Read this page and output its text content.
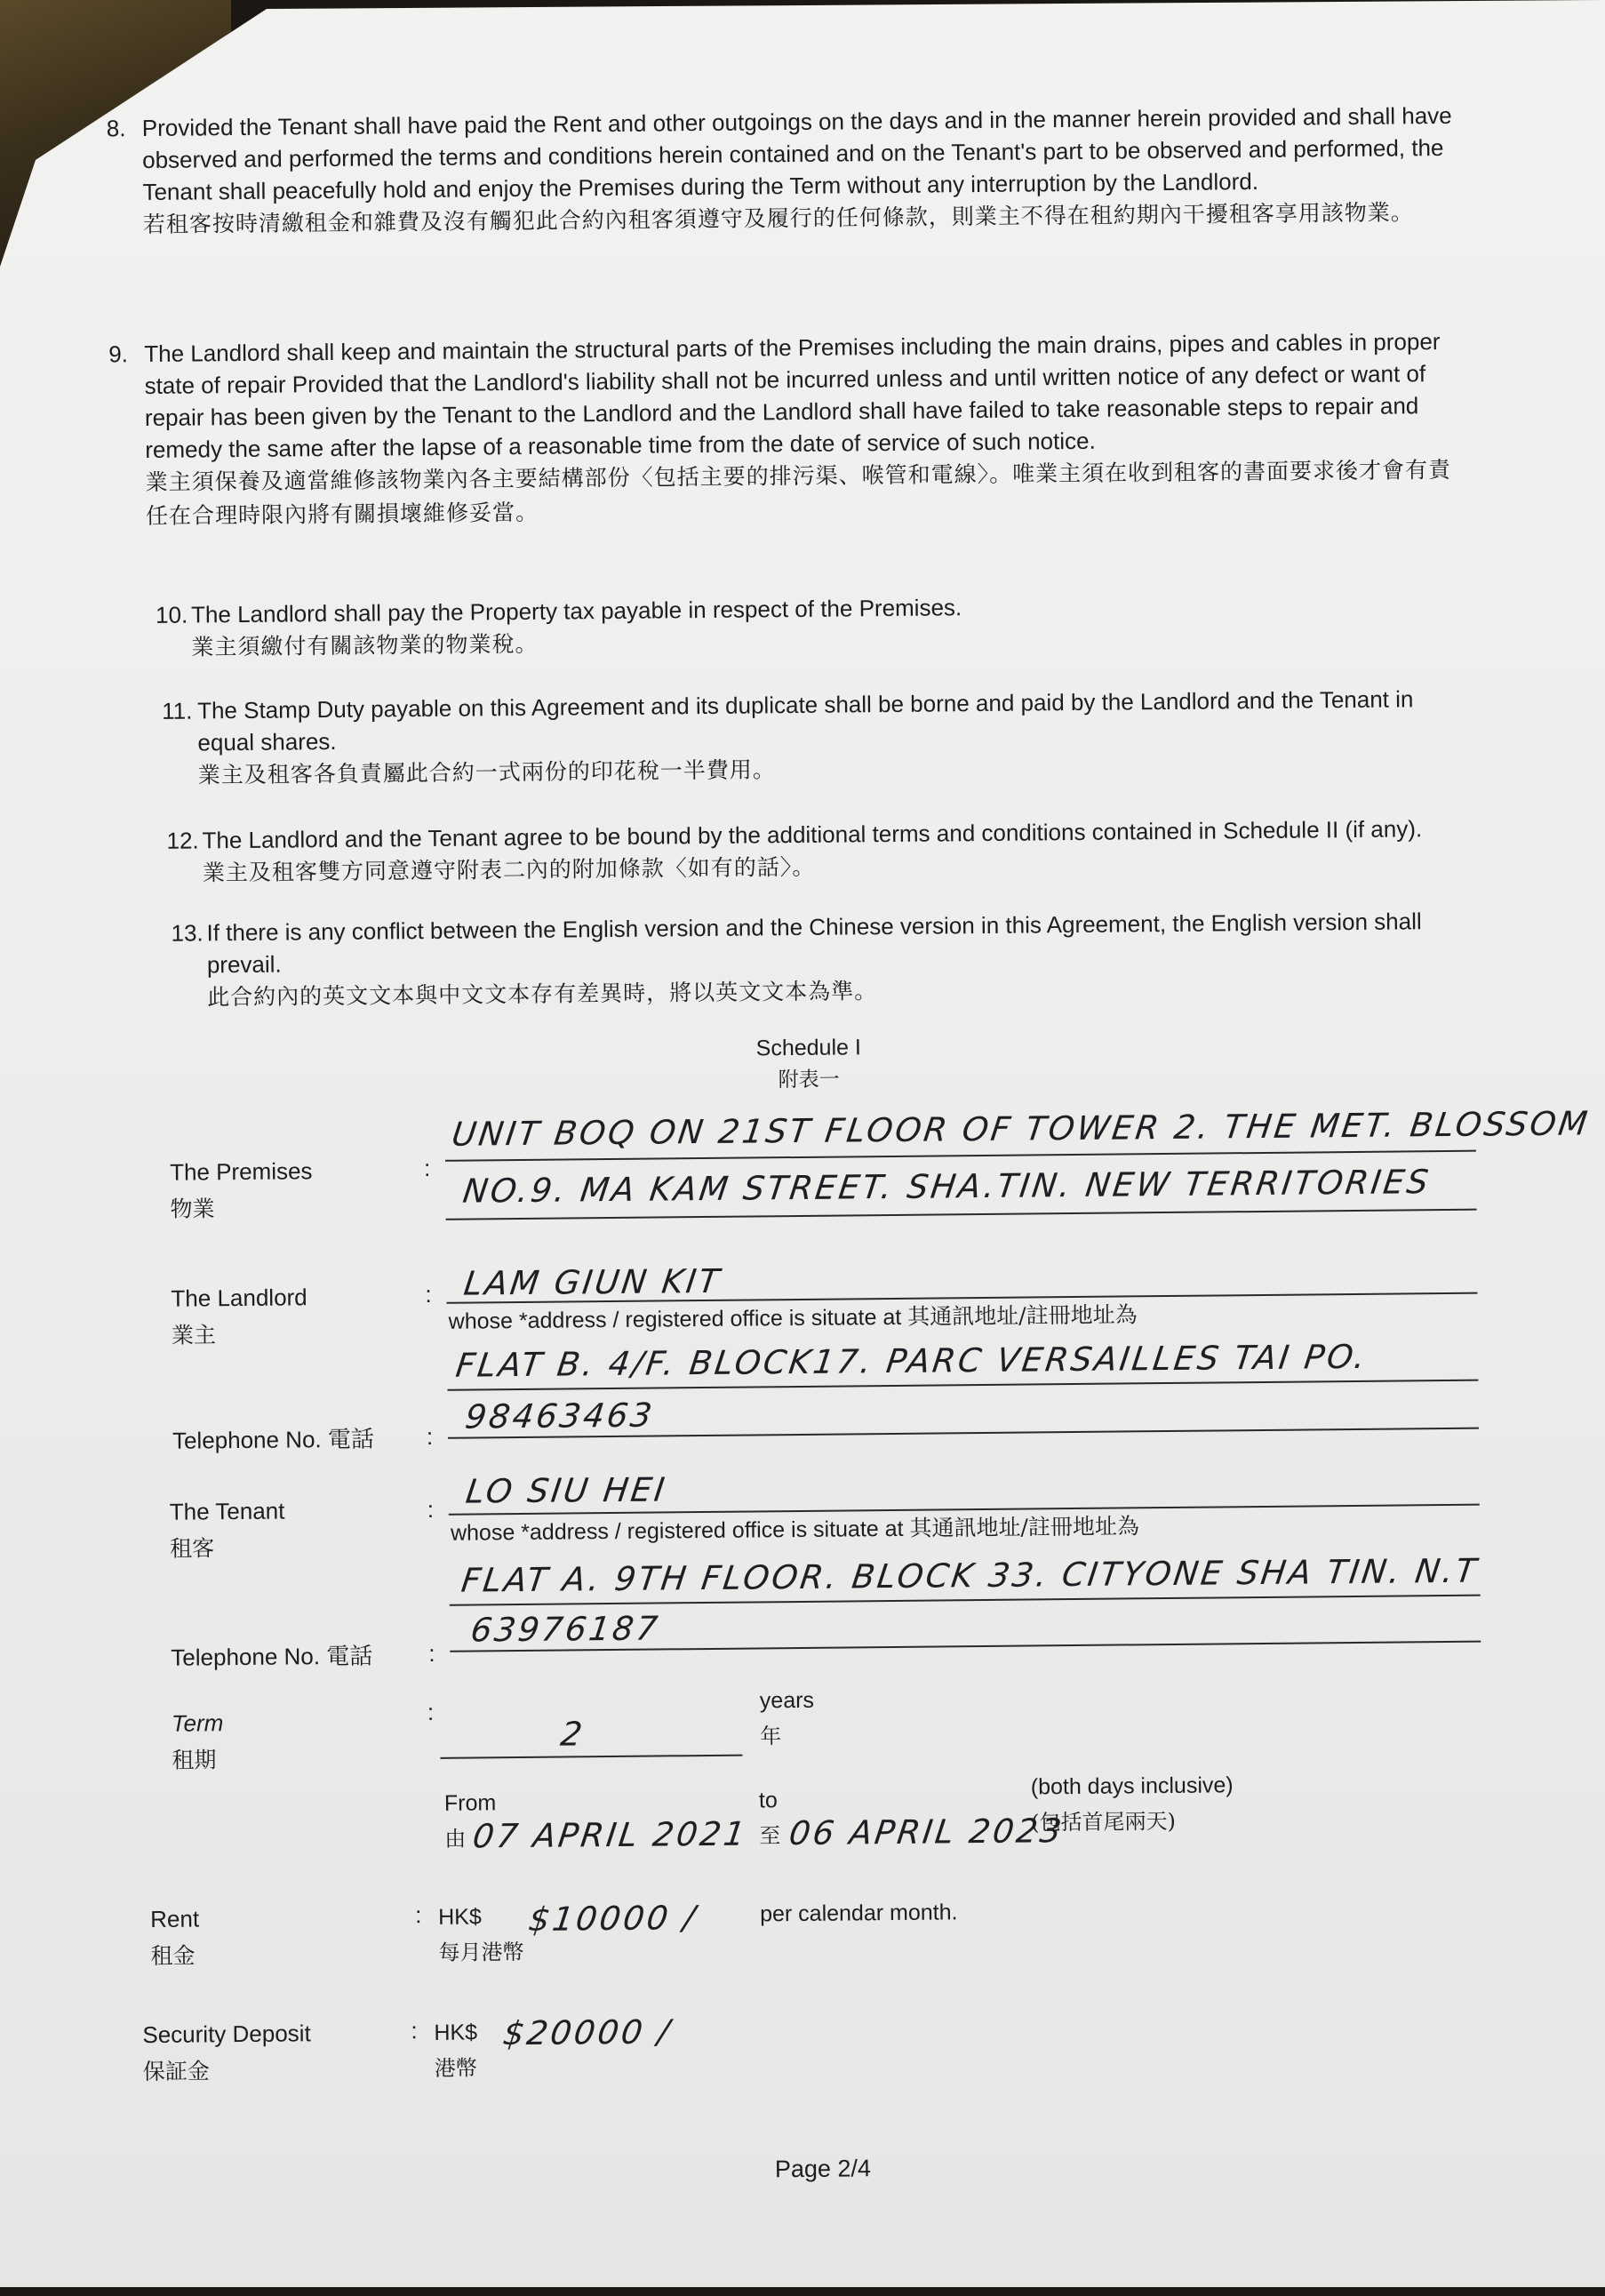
8. Provided the Tenant shall have paid the Rent and other outgoings on the days and in the manner herein provided and shall have observed and performed the terms and conditions herein contained and on the Tenant's part to be observed and performed, the Tenant shall peacefully hold and enjoy the Premises during the Term without any interruption by the Landlord.
若租客按時清繳租金和雜費及沒有觸犯此合約內租客須遵守及履行的任何條款，則業主不得在租約期內干擾租客享用該物業。
9. The Landlord shall keep and maintain the structural parts of the Premises including the main drains, pipes and cables in proper state of repair Provided that the Landlord's liability shall not be incurred unless and until written notice of any defect or want of repair has been given by the Tenant to the Landlord and the Landlord shall have failed to take reasonable steps to repair and remedy the same after the lapse of a reasonable time from the date of service of such notice.
業主須保養及適當維修該物業內各主要結構部份〈包括主要的排污渠、喉管和電線〉。唯業主須在收到租客的書面要求後才會有責任在合理時限內將有關損壞維修妥當。
10. The Landlord shall pay the Property tax payable in respect of the Premises.
業主須繳付有關該物業的物業稅。
11. The Stamp Duty payable on this Agreement and its duplicate shall be borne and paid by the Landlord and the Tenant in equal shares.
業主及租客各負責屬此合約一式兩份的印花稅一半費用。
12. The Landlord and the Tenant agree to be bound by the additional terms and conditions contained in Schedule II (if any).
業主及租客雙方同意遵守附表二內的附加條款〈如有的話〉。
13. If there is any conflict between the English version and the Chinese version in this Agreement, the English version shall prevail.
此合約內的英文文本與中文文本存有差異時，將以英文文本為準。
Schedule I
附表一
The Premises
物業
:
UNIT BOQ ON 21ST FLOOR OF TOWER 2. THE MET. BLOSSOM
NO.9. MA KAM STREET. SHA.TIN. NEW TERRITORIES
The Landlord
業主
: LAM GIUN KIT
whose *address / registered office is situate at 其通訊地址/註冊地址為
FLAT B. 4/F. BLOCK17. PARC VERSAILLES TAI PO.
Telephone No. 電話 :
98463463
The Tenant
租客
: LO SIU HEI
whose *address / registered office is situate at 其通訊地址/註冊地址為
FLAT A. 9TH FLOOR. BLOCK 33. CITYONE SHA TIN. N.T
Telephone No. 電話 :
63976187
Term
租期
:
2
years
年
From
由 07 APRIL 2021
to
至 06 APRIL 2023
(both days inclusive)
(包括首尾兩天)
Rent
租金
: HK$
每月港幣
$10000 /	per calendar month.
Security Deposit
保証金
: HK$
港幣
$20000 /
Page 2/4
